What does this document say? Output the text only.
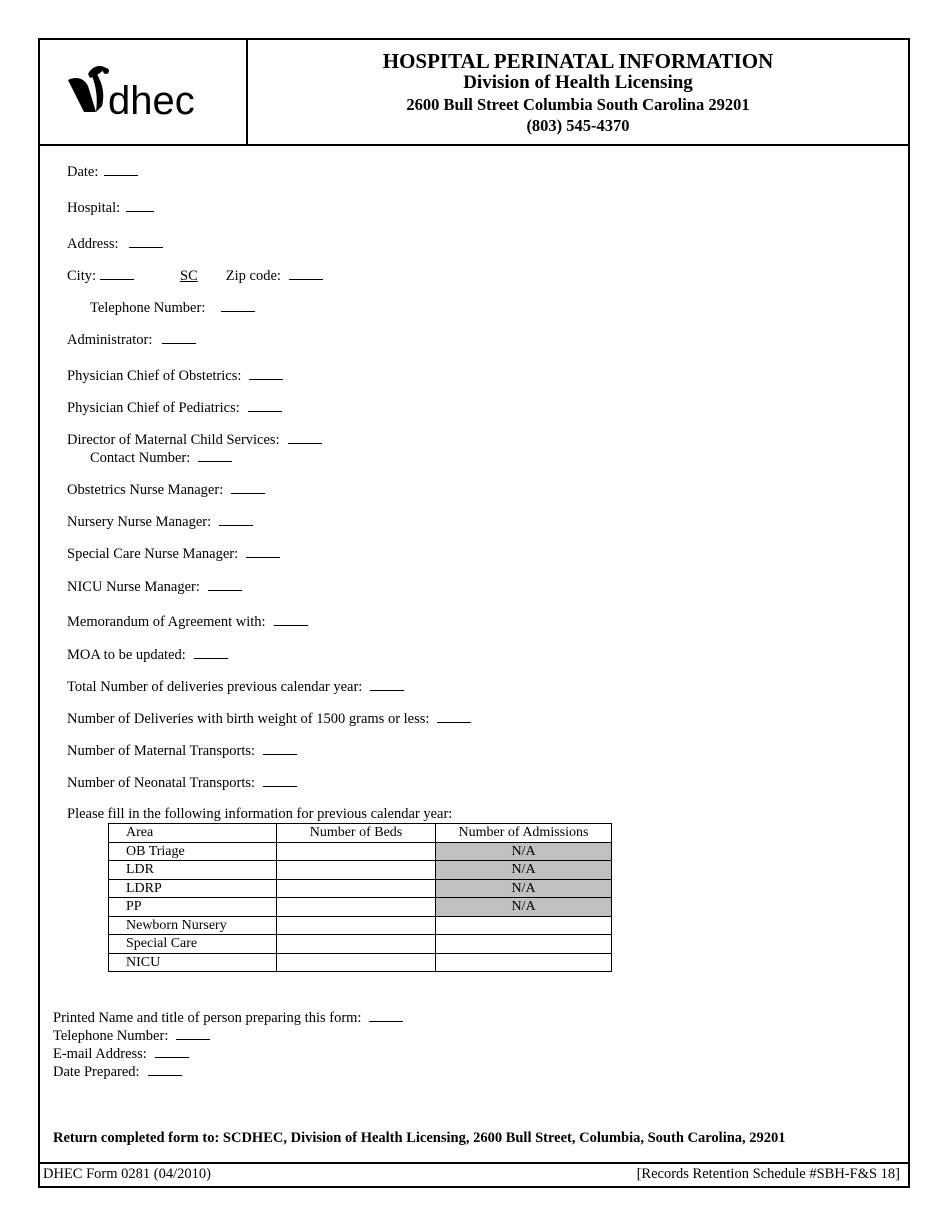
dhec
HOSPITAL PERINATAL INFORMATION
Division of Health Licensing
2600 Bull Street Columbia South Carolina 29201
(803) 545-4370
Date:
Hospital:
Address:
City:	SC Zip code:
Telephone Number:
Administrator:
Physician Chief of Obstetrics:
Physician Chief of Pediatrics:
Director of Maternal Child Services:
Contact Number:
Obstetrics Nurse Manager:
Nursery Nurse Manager:
Special Care Nurse Manager:
NICU Nurse Manager:
Memorandum of Agreement with:
MOA to be updated:
Total Number of deliveries previous calendar year:
Number of Deliveries with birth weight of 1500 grams or less:
Number of Maternal Transports:
Number of Neonatal Transports:
Please fill in the following information for previous calendar year:
Area	Number of Beds	Number of Admissions
OB Triage		N/A
LDR		N/A
LDRP		N/A
PP		N/A
Newborn Nursery		
Special Care		
NICU		
Printed Name and title of person preparing this form:
Telephone Number:
E-mail Address:
Date Prepared:
Return completed form to: SCDHEC, Division of Health Licensing, 2600 Bull Street, Columbia, South Carolina, 29201
DHEC Form 0281 (04/2010)	[Records Retention Schedule #SBH-F&S 18]
